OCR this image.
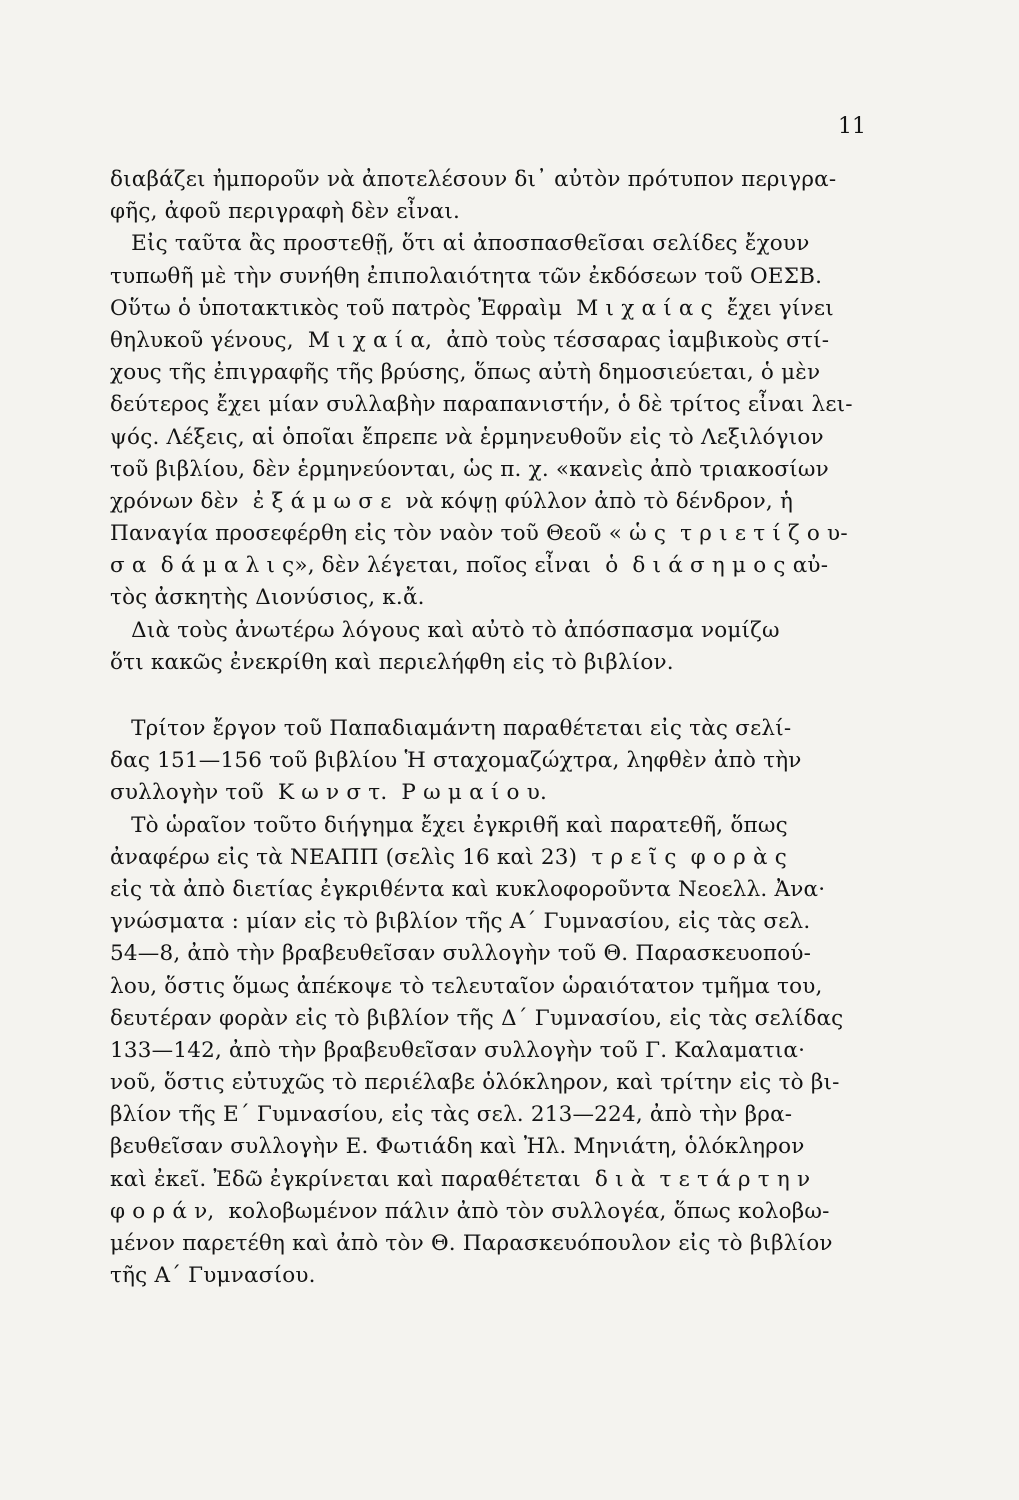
11
διαβάζει ἠμποροῦν νὰ ἀποτελέσουν δι᾽ αὐτὸν πρότυπον περιγρα-
φῆς, ἀφοῦ περιγραφὴ δὲν εἶναι.
Εἰς ταῦτα ἂς προστεθῇ, ὅτι αἱ ἀποσπασθεῖσαι σελίδες ἔχουν
τυπωθῆ μὲ τὴν συνήθη ἐπιπολαιότητα τῶν ἐκδόσεων τοῦ ΟΕΣΒ.
Οὕτω ὁ ὑποτακτικὸς τοῦ πατρὸς Ἐφραὶμ  Μ ι χ α ί α ς  ἔχει γίνει
θηλυκοῦ γένους,  Μ ι χ α ί α,  ἀπὸ τοὺς τέσσαρας ἰαμβικοὺς στί-
χους τῆς ἐπιγραφῆς τῆς βρύσης, ὅπως αὐτὴ δημοσιεύεται, ὁ μὲν
δεύτερος ἔχει μίαν συλλαβὴν παραπανιστήν, ὁ δὲ τρίτος εἶναι λει-
ψός. Λέξεις, αἱ ὁποῖαι ἔπρεπε νὰ ἑρμηνευθοῦν εἰς τὸ Λεξιλόγιον
τοῦ βιβλίου, δὲν ἑρμηνεύονται, ὡς π. χ. «κανεὶς ἀπὸ τριακοσίων
χρόνων δὲν  ἐ ξ ά μ ω σ ε  νὰ κόψῃ φύλλον ἀπὸ τὸ δένδρον, ἡ
Παναγία προσεφέρθη εἰς τὸν ναὸν τοῦ Θεοῦ « ὡ ς  τ ρ ι ε τ ί ζ ο υ-
σ α  δ ά μ α λ ι ς», δὲν λέγεται, ποῖος εἶναι  ὁ  δ ι ά σ η μ ο ς αὐ-
τὸς ἀσκητὴς Διονύσιος, κ.ἄ.
Διὰ τοὺς ἀνωτέρω λόγους καὶ αὐτὸ τὸ ἀπόσπασμα νομίζω
ὅτι κακῶς ἐνεκρίθη καὶ περιελήφθη εἰς τὸ βιβλίον.
Τρίτον ἔργον τοῦ Παπαδιαμάντη παραθέτεται εἰς τὰς σελί-
δας 151—156 τοῦ βιβλίου Ἡ σταχομαζώχτρα, ληφθὲν ἀπὸ τὴν
συλλογὴν τοῦ  Κ ω ν σ τ.  Ρ ω μ α ί ο υ.
Τὸ ὡραῖον τοῦτο διήγημα ἔχει ἐγκριθῆ καὶ παρατεθῆ, ὅπως
ἀναφέρω εἰς τὰ ΝΕΑΠΠ (σελὶς 16 καὶ 23)  τ ρ ε ῖ ς  φ ο ρ ὰ ς
εἰς τὰ ἀπὸ διετίας ἐγκριθέντα καὶ κυκλοφοροῦντα Νεοελλ. Ἀνα·
γνώσματα : μίαν εἰς τὸ βιβλίον τῆς Α΄ Γυμνασίου, εἰς τὰς σελ.
54—8, ἀπὸ τὴν βραβευθεῖσαν συλλογὴν τοῦ Θ. Παρασκευοπού-
λου, ὅστις ὅμως ἀπέκοψε τὸ τελευταῖον ὡραιότατον τμῆμα του,
δευτέραν φορὰν εἰς τὸ βιβλίον τῆς Δ΄ Γυμνασίου, εἰς τὰς σελίδας
133—142, ἀπὸ τὴν βραβευθεῖσαν συλλογὴν τοῦ Γ. Καλαματια·
νοῦ, ὅστις εὐτυχῶς τὸ περιέλαβε ὁλόκληρον, καὶ τρίτην εἰς τὸ βι-
βλίον τῆς Ε΄ Γυμνασίου, εἰς τὰς σελ. 213—224, ἀπὸ τὴν βρα-
βευθεῖσαν συλλογὴν Ε. Φωτιάδη καὶ Ἠλ. Μηνιάτη, ὁλόκληρον
καὶ ἐκεῖ. Ἐδῶ ἐγκρίνεται καὶ παραθέτεται  δ ι ὰ  τ ε τ ά ρ τ η ν
φ ο ρ ά ν,  κολοβωμένον πάλιν ἀπὸ τὸν συλλογέα, ὅπως κολοβω-
μένον παρετέθη καὶ ἀπὸ τὸν Θ. Παρασκευόπουλον εἰς τὸ βιβλίον
τῆς Α΄ Γυμνασίου.
